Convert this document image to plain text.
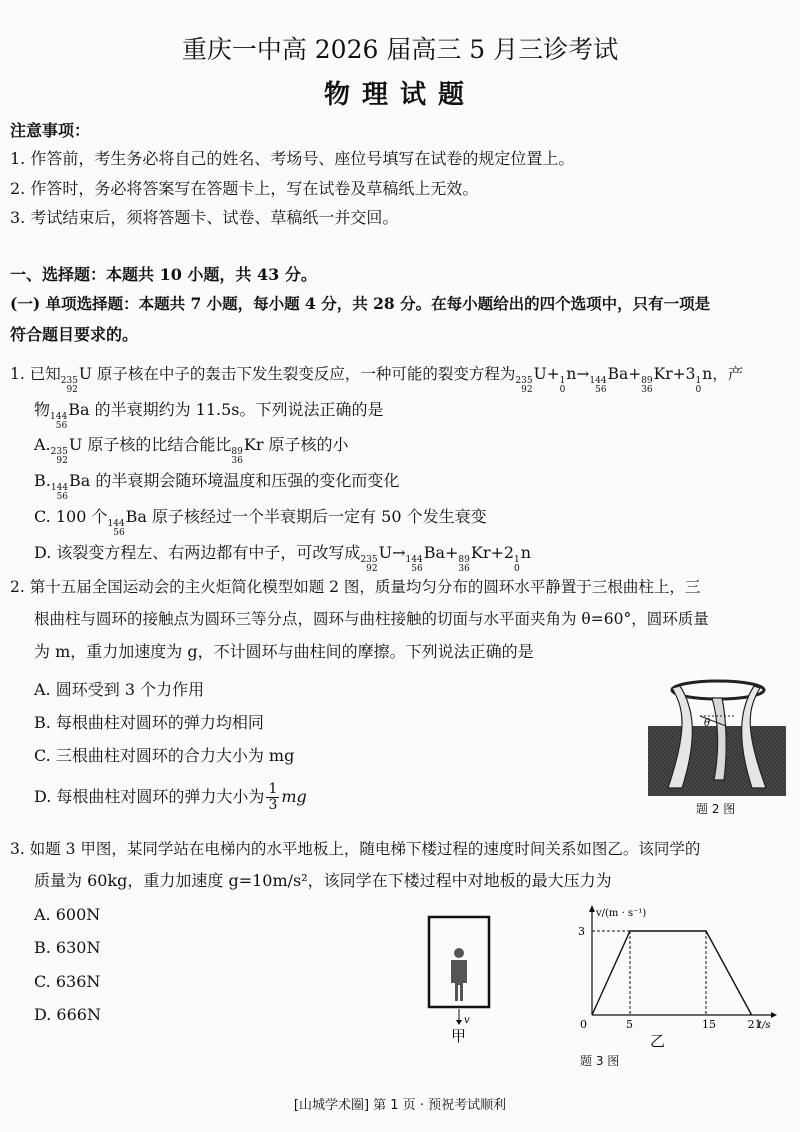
重庆一中高 2026 届高三 5 月三诊考试
物理试题
注意事项：
1. 作答前，考生务必将自己的姓名、考场号、座位号填写在试卷的规定位置上。
2. 作答时，务必将答案写在答题卡上，写在试卷及草稿纸上无效。
3. 考试结束后，须将答题卡、试卷、草稿纸一并交回。
一、选择题：本题共 10 小题，共 43 分。
(一) 单项选择题：本题共 7 小题，每小题 4 分，共 28 分。在每小题给出的四个选项中，只有一项是
符合题目要求的。
1. 已知 235
92
U 原子核在中子的轰击下发生裂变反应，一种可能的裂变方程为 235
92
U+ 1
0
n→ 144
56
Ba+ 89
36
Kr+3 1
0
n，产
物 144
56
Ba 的半衰期约为 11.5s。下列说法正确的是
A. 235
92
U 原子核的比结合能比 89
36
Kr 原子核的小
B. 144
56
Ba 的半衰期会随环境温度和压强的变化而变化
C. 100 个 144
56
Ba 原子核经过一个半衰期后一定有 50 个发生衰变
D. 该裂变方程左、右两边都有中子，可改写成 235
92
U→ 144
56
Ba+ 89
36
Kr+2 1
0
n
2. 第十五届全国运动会的主火炬简化模型如题 2 图，质量均匀分布的圆环水平静置于三根曲柱上，三
根曲柱与圆环的接触点为圆环三等分点，圆环与曲柱接触的切面与水平面夹角为 θ=60°，圆环质量
为 m，重力加速度为 g，不计圆环与曲柱间的摩擦。下列说法正确的是
A. 圆环受到 3 个力作用
B. 每根曲柱对圆环的弹力均相同
C. 三根曲柱对圆环的合力大小为 mg
D. 每根曲柱对圆环的弹力大小为 $\frac{1}{3}$ mg
θ
题 2 图
3. 如题 3 甲图，某同学站在电梯内的水平地板上，随电梯下楼过程的速度时间关系如图乙。该同学的
质量为 60kg，重力加速度 g=10m/s²，该同学在下楼过程中对地板的最大压力为
A. 600N
B. 630N
C. 636N
D. 666N	v
甲
v/(m · s⁻¹)
t/s
0	5	15	21
3
乙
题 3 图
[山城学术圈] 第 1 页 · 预祝考试顺利
